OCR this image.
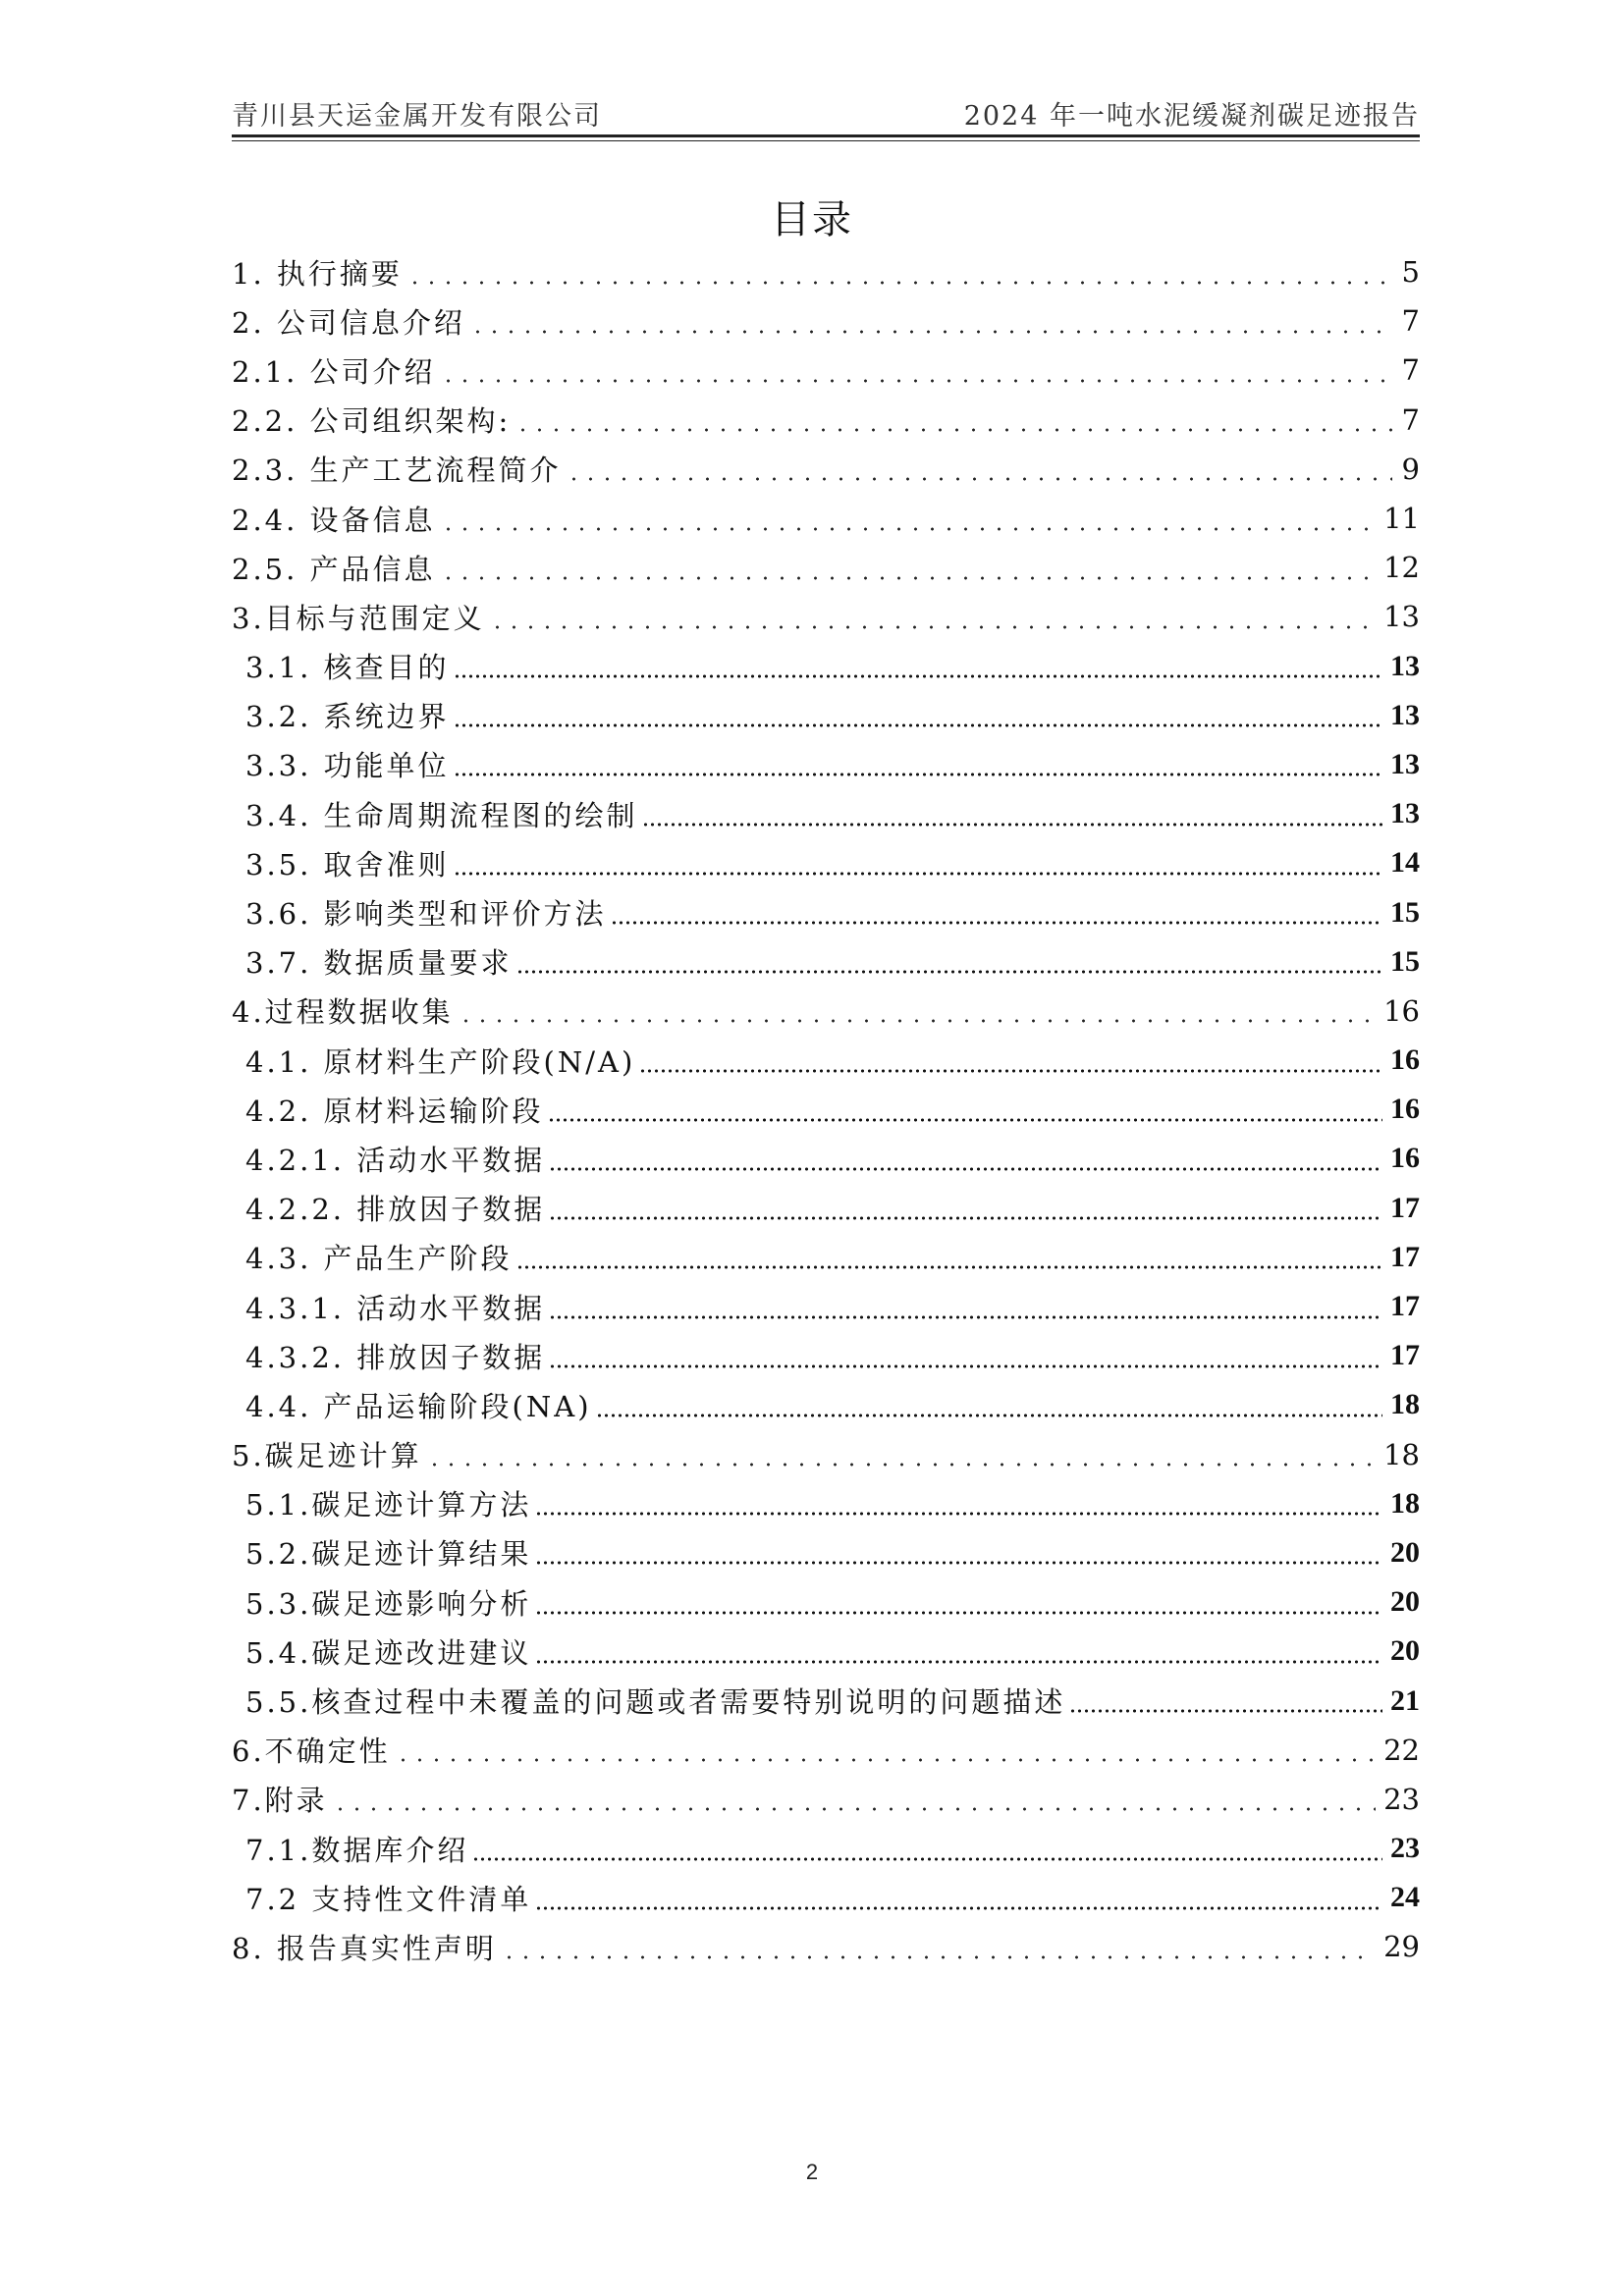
青川县天运金属开发有限公司	2024 年一吨水泥缓凝剂碳足迹报告
目录
1. 执行摘要	5
2. 公司信息介绍	7
2.1. 公司介绍	7
2.2. 公司组织架构:	7
2.3. 生产工艺流程简介	9
2.4. 设备信息	11
2.5. 产品信息	12
3.目标与范围定义	13
3.1. 核查目的	13
3.2. 系统边界	13
3.3. 功能单位	13
3.4. 生命周期流程图的绘制	13
3.5. 取舍准则	14
3.6. 影响类型和评价方法	15
3.7. 数据质量要求	15
4.过程数据收集	16
4.1. 原材料生产阶段(N/A)	16
4.2. 原材料运输阶段	16
4.2.1. 活动水平数据	16
4.2.2. 排放因子数据	17
4.3. 产品生产阶段	17
4.3.1. 活动水平数据	17
4.3.2. 排放因子数据	17
4.4. 产品运输阶段(NA)	18
5.碳足迹计算	18
5.1.碳足迹计算方法	18
5.2.碳足迹计算结果	20
5.3.碳足迹影响分析	20
5.4.碳足迹改进建议	20
5.5.核查过程中未覆盖的问题或者需要特别说明的问题描述	21
6.不确定性	22
7.附录	23
7.1.数据库介绍	23
7.2 支持性文件清单	24
8. 报告真实性声明	29
2
